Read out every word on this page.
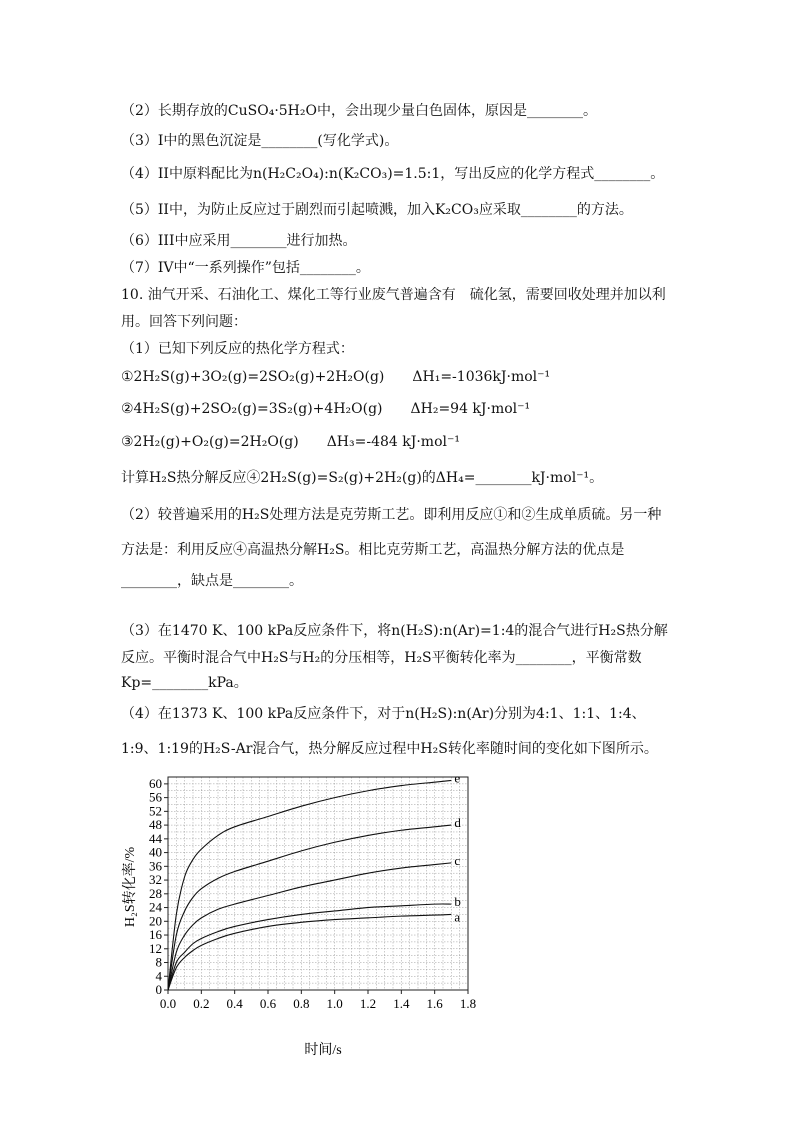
（2）长期存放的CuSO₄·5H₂O中，会出现少量白色固体，原因是________。
（3）I中的黑色沉淀是________(写化学式)。
（4）II中原料配比为n(H₂C₂O₄):n(K₂CO₃)=1.5:1，写出反应的化学方程式________。
（5）II中，为防止反应过于剧烈而引起喷溅，加入K₂CO₃应采取________的方法。
（6）III中应采用________进行加热。
（7）IV中“一系列操作”包括________。
10. 油气开采、石油化工、煤化工等行业废气普遍含有　硫化氢，需要回收处理并加以利
用。回答下列问题：
（1）已知下列反应的热化学方程式：
①2H₂S(g)+3O₂(g)=2SO₂(g)+2H₂O(g)　　ΔH₁=-1036kJ·mol⁻¹
②4H₂S(g)+2SO₂(g)=3S₂(g)+4H₂O(g)　　ΔH₂=94 kJ·mol⁻¹
③2H₂(g)+O₂(g)=2H₂O(g)　　ΔH₃=-484 kJ·mol⁻¹
计算H₂S热分解反应④2H₂S(g)=S₂(g)+2H₂(g)的ΔH₄=________kJ·mol⁻¹。
（2）较普遍采用的H₂S处理方法是克劳斯工艺。即利用反应①和②生成单质硫。另一种
方法是：利用反应④高温热分解H₂S。相比克劳斯工艺，高温热分解方法的优点是
________，缺点是________。
（3）在1470 K、100 kPa反应条件下，将n(H₂S):n(Ar)=1:4的混合气进行H₂S热分解
反应。平衡时混合气中H₂S与H₂的分压相等，H₂S平衡转化率为________，平衡常数
Kp=________kPa。
（4）在1373 K、100 kPa反应条件下，对于n(H₂S):n(Ar)分别为4:1、1:1、1:4、
1:9、1:19的H₂S-Ar混合气，热分解反应过程中H₂S转化率随时间的变化如下图所示。
e
d
c
b
a
0.0 0.2 0.4 0.6 0.8 1.0 1.2 1.4 1.6 1.8
0
4
8
12
16
20
24
28
32
36
40
44
48
52
56
60
时间/s
H₂S转化率/%
